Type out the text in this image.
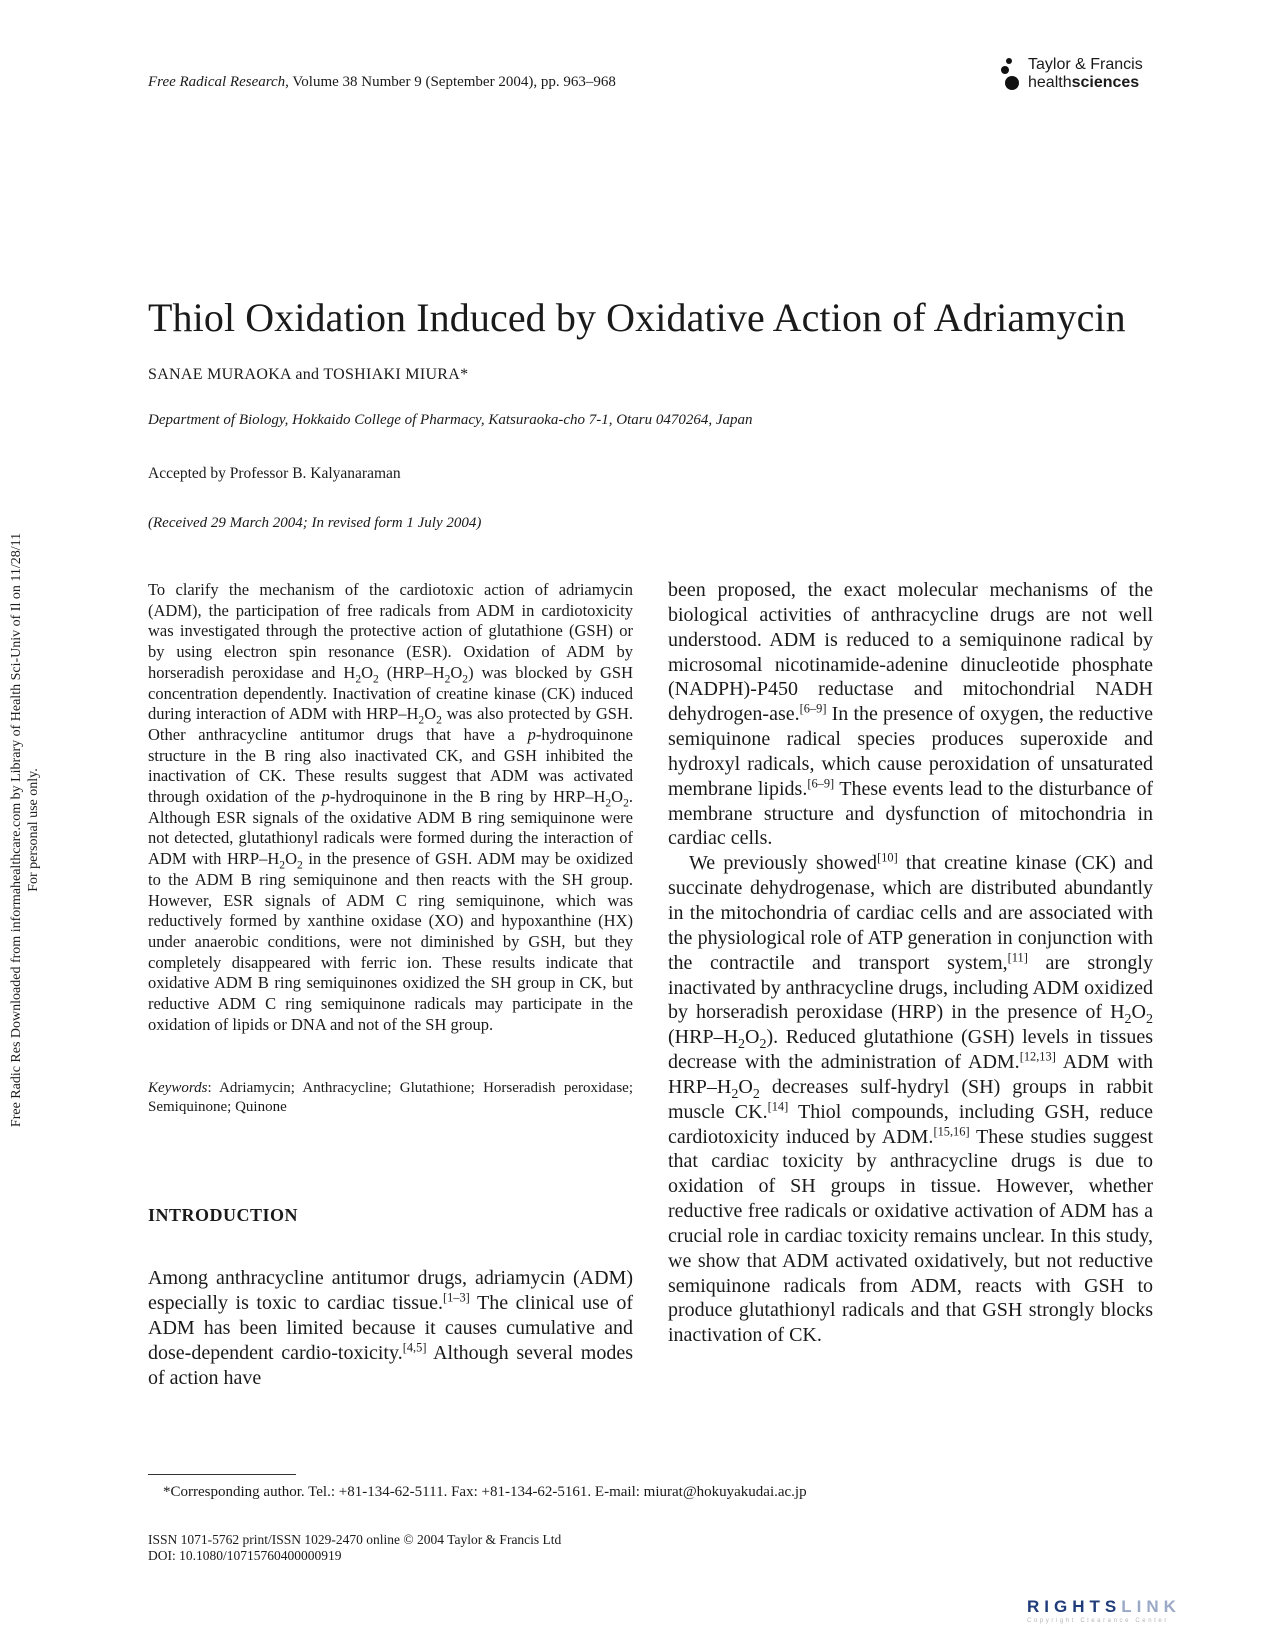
Free Radic Res Downloaded from informahealthcare.com by Library of Health Sci-Univ of Il on 11/28/11 For personal use only.
Free Radical Research, Volume 38 Number 9 (September 2004), pp. 963–968
Taylor & Francis
healthsciences
Thiol Oxidation Induced by Oxidative Action of Adriamycin
SANAE MURAOKA and TOSHIAKI MIURA*
Department of Biology, Hokkaido College of Pharmacy, Katsuraoka-cho 7-1, Otaru 0470264, Japan
Accepted by Professor B. Kalyanaraman
(Received 29 March 2004; In revised form 1 July 2004)

To clarify the mechanism of the cardiotoxic action of adriamycin (ADM), the participation of free radicals from ADM in cardiotoxicity was investigated through the protective action of glutathione (GSH) or by using electron spin resonance (ESR). Oxidation of ADM by horseradish peroxidase and $H_2O_2$ $(HRP-H_2O_2)$ was blocked by GSH concentration dependently. Inactivation of creatine kinase (CK) induced during interaction of ADM with HRP–$H_2O_2$ was also protected by GSH. Other anthracycline antitumor drugs that have a p-hydroquinone structure in the B ring also inactivated CK, and GSH inhibited the inactivation of CK. These results suggest that ADM was activated through oxidation of the p-hydroquinone in the B ring by HRP–$H_2O_2$. Although ESR signals of the oxidative ADM B ring semiquinone were not detected, glutathionyl radicals were formed during the interaction of ADM with HRP–$H_2O_2$ in the presence of GSH. ADM may be oxidized to the ADM B ring semiquinone and then reacts with the SH group. However, ESR signals of ADM C ring semiquinone, which was reductively formed by xanthine oxidase (XO) and hypoxanthine (HX) under anaerobic conditions, were not diminished by GSH, but they completely disappeared with ferric ion. These results indicate that oxidative ADM B ring semiquinones oxidized the SH group in CK, but reductive ADM C ring semiquinone radicals may participate in the oxidation of lipids or DNA and not of the SH group.

Keywords: Adriamycin; Anthracycline; Glutathione; Horseradish peroxidase; Semiquinone; Quinone
INTRODUCTION

Among anthracycline antitumor drugs, adriamycin (ADM) especially is toxic to cardiac tissue.[1–3] The clinical use of ADM has been limited because it causes cumulative and dose-dependent cardio-toxicity.[4,5] Although several modes of action have

been proposed, the exact molecular mechanisms of the biological activities of anthracycline drugs are not well understood. ADM is reduced to a semiquinone radical by microsomal nicotinamide-adenine dinucleotide phosphate (NADPH)-P450 reductase and mitochondrial NADH dehydrogen-ase.[6–9] In the presence of oxygen, the reductive semiquinone radical species produces superoxide and hydroxyl radicals, which cause peroxidation of unsaturated membrane lipids.[6–9] These events lead to the disturbance of membrane structure and dysfunction of mitochondria in cardiac cells.

We previously showed[10] that creatine kinase (CK) and succinate dehydrogenase, which are distributed abundantly in the mitochondria of cardiac cells and are associated with the physiological role of ATP generation in conjunction with the contractile and transport system,[11] are strongly inactivated by anthracycline drugs, including ADM oxidized by horseradish peroxidase (HRP) in the presence of $H_2O_2$ $(HRP-H_2O_2)$. Reduced glutathione (GSH) levels in tissues decrease with the administration of ADM.[12,13] ADM with HRP–$H_2O_2$ decreases sulf-hydryl (SH) groups in rabbit muscle CK.[14] Thiol compounds, including GSH, reduce cardiotoxicity induced by ADM.[15,16] These studies suggest that cardiac toxicity by anthracycline drugs is due to oxidation of SH groups in tissue. However, whether reductive free radicals or oxidative activation of ADM has a crucial role in cardiac toxicity remains unclear. In this study, we show that ADM activated oxidatively, but not reductive semiquinone radicals from ADM, reacts with GSH to produce glutathionyl radicals and that GSH strongly blocks inactivation of CK.

*Corresponding author. Tel.: +81-134-62-5111. Fax: +81-134-62-5161. E-mail: miurat@hokuyakudai.ac.jp
ISSN 1071-5762 print/ISSN 1029-2470 online © 2004 Taylor & Francis Ltd
DOI: 10.1080/10715760400000919
RIGHTSLINK
Copyright Clearance Center
